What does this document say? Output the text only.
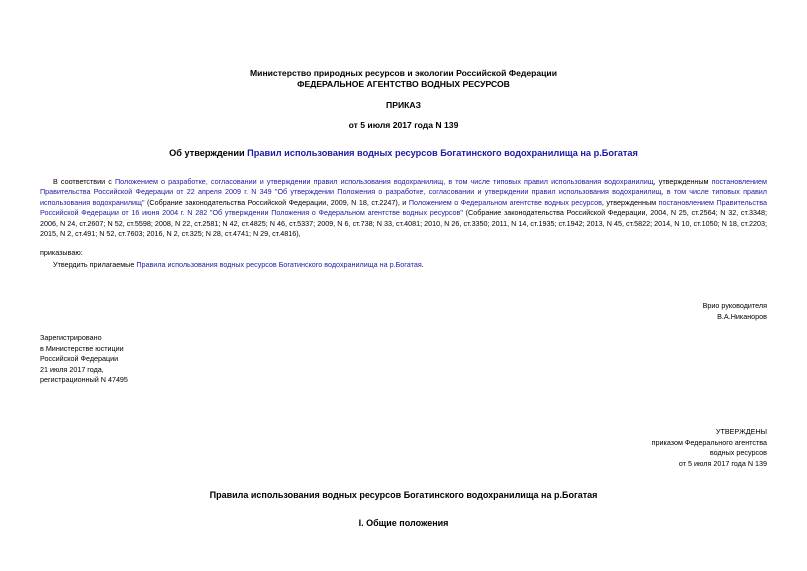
Министерство природных ресурсов и экологии Российской Федерации
ФЕДЕРАЛЬНОЕ АГЕНТСТВО ВОДНЫХ РЕСУРСОВ
ПРИКАЗ
от 5 июля 2017 года N 139
Об утверждении Правил использования водных ресурсов Богатинского водохранилища на р.Богатая
В соответствии с Положением о разработке, согласовании и утверждении правил использования водохранилищ, в том числе типовых правил использования водохранилищ, утвержденным постановлением Правительства Российской Федерации от 22 апреля 2009 г. N 349 "Об утверждении Положения о разработке, согласовании и утверждении правил использования водохранилищ, в том числе типовых правил использования водохранилищ" (Собрание законодательства Российской Федерации, 2009, N 18, ст.2247), и Положением о Федеральном агентстве водных ресурсов, утвержденным постановлением Правительства Российской Федерации от 16 июня 2004 г. N 282 "Об утверждении Положения о Федеральном агентстве водных ресурсов" (Собрание законодательства Российской Федерации, 2004, N 25, ст.2564; N 32, ст.3348; 2006, N 24, ст.2607; N 52, ст.5598; 2008, N 22, ст.2581; N 42, ст.4825; N 46, ст.5337; 2009, N 6, ст.738; N 33, ст.4081; 2010, N 26, ст.3350; 2011, N 14, ст.1935; ст.1942; 2013, N 45, ст.5822; 2014, N 10, ст.1050; N 18, ст.2203; 2015, N 2, ст.491; N 52, ст.7603; 2016, N 2, ст.325; N 28, ст.4741; N 29, ст.4816),
приказываю:
Утвердить прилагаемые Правила использования водных ресурсов Богатинского водохранилища на р.Богатая.
Врио руководителя
В.А.Никаноров
Зарегистрировано
в Министерстве юстиции
Российской Федерации
21 июля 2017 года,
регистрационный N 47495
УТВЕРЖДЕНЫ
приказом Федерального агентства
водных ресурсов
от 5 июля 2017 года N 139
Правила использования водных ресурсов Богатинского водохранилища на р.Богатая
I. Общие положения
